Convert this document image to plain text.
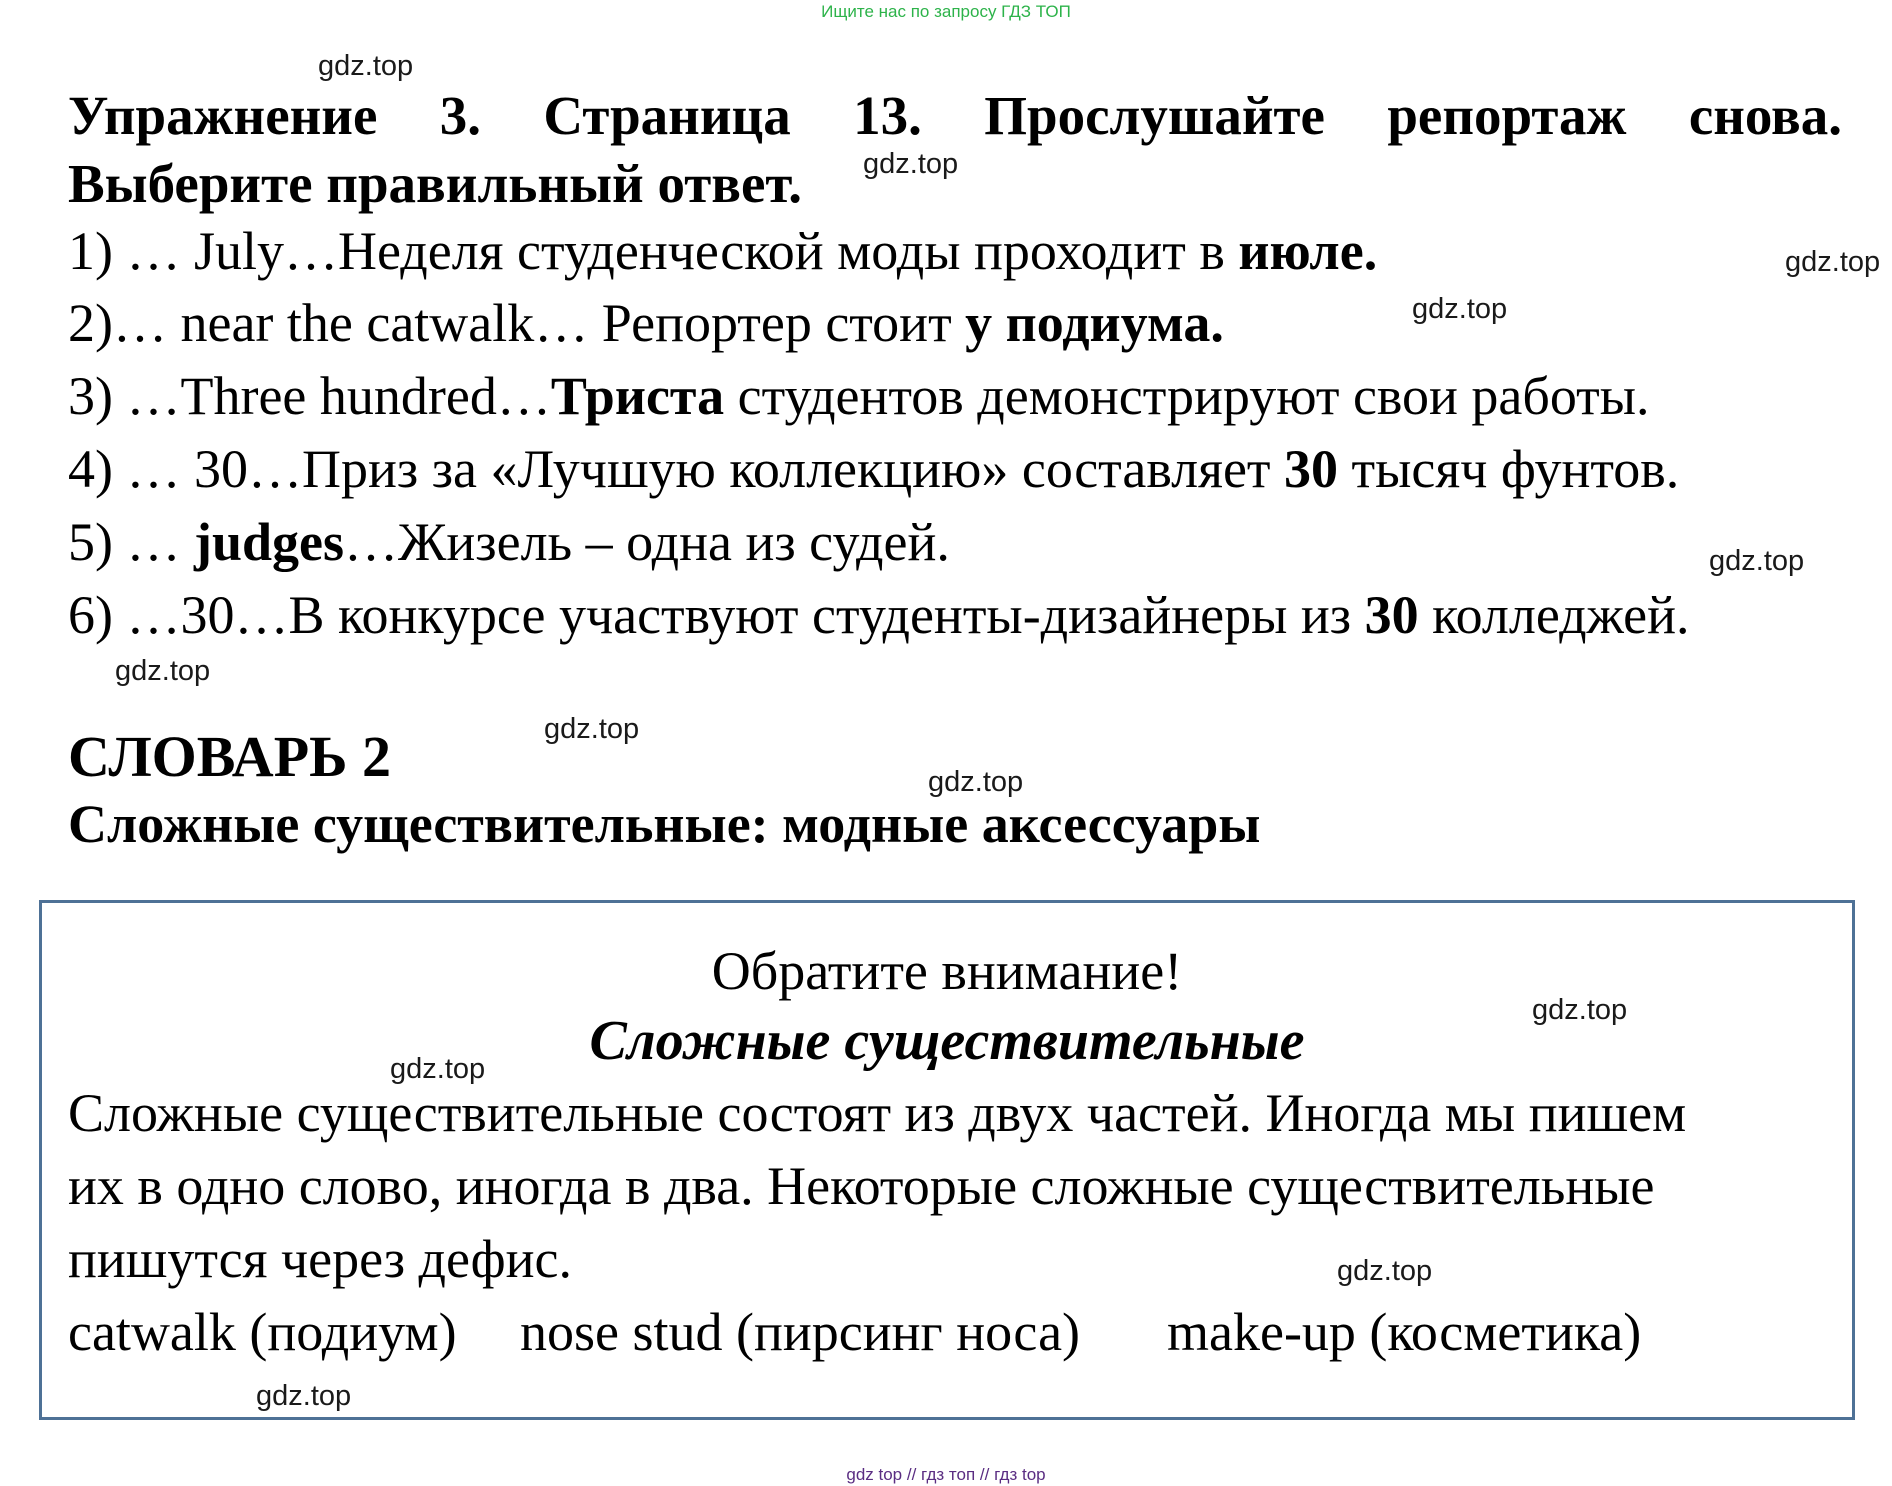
Ищите нас по запросу ГДЗ ТОП
gdz.top
gdz.top
gdz.top
gdz.top
gdz.top
gdz.top
gdz.top
gdz.top
gdz.top
gdz.top
gdz.top
gdz.top
Упражнение 3. Страница 13. Прослушайте репортаж снова.
Выберите правильный ответ.
1) … July…Неделя студенческой моды проходит в июле.
2)… near the catwalk… Репортер стоит у подиума.
3) …Three hundred…Триста студентов демонстрируют свои работы.
4) … 30…Приз за «Лучшую коллекцию» составляет 30 тысяч фунтов.
5) … judges…Жизель – одна из судей.
6) …30…В конкурсе участвуют студенты-дизайнеры из 30 колледжей.
СЛОВАРЬ 2
Сложные существительные: модные аксессуары
Обратите внимание!
Сложные существительные
Сложные существительные состоят из двух частей. Иногда мы пишем
их в одно слово, иногда в два. Некоторые сложные существительные
пишутся через дефис.
catwalk (подиум) nose stud (пирсинг носа) make-up (косметика)
gdz top // гдз топ // гдз top
